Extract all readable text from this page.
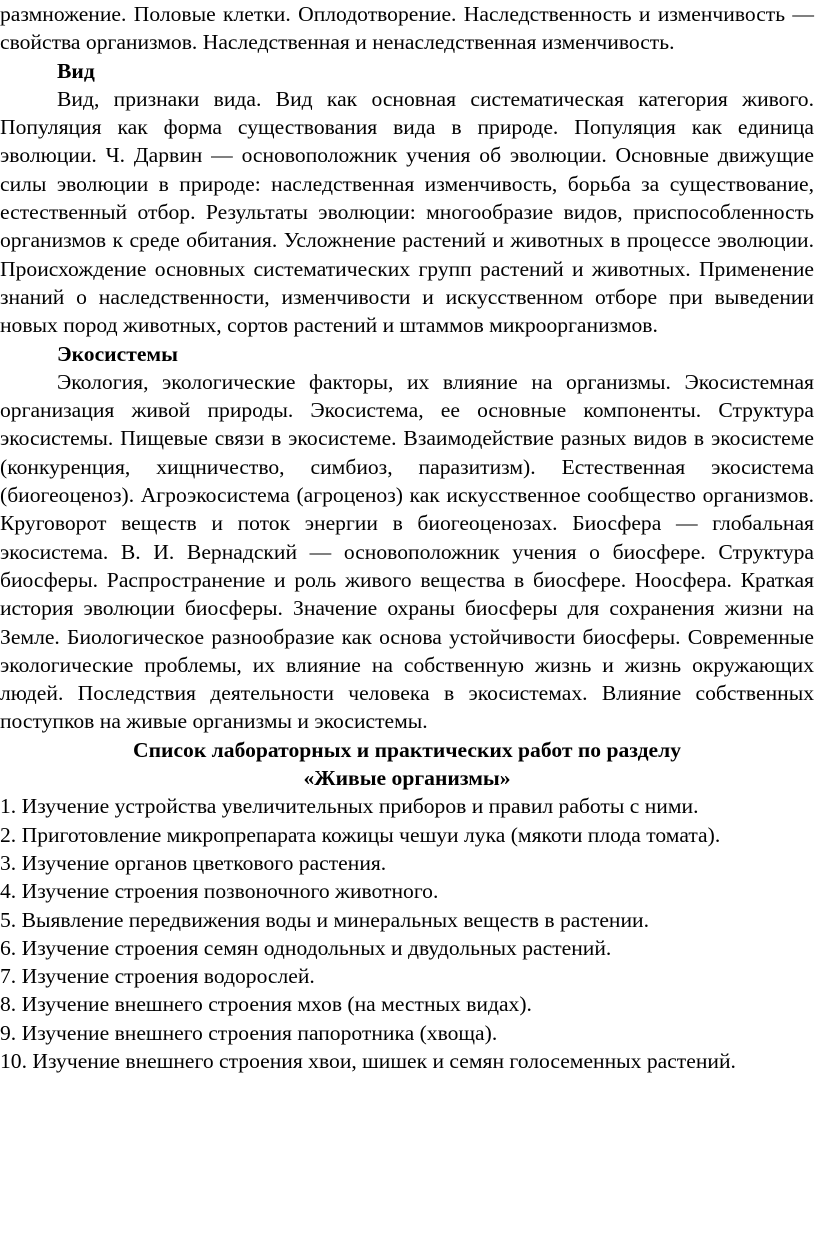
размножение. Половые клетки. Оплодотворение. Наследственность и изменчивость — свойства организмов. Наследственная и ненаследственная изменчивость.

Вид

Вид, признаки вида. Вид как основная систематическая категория живого. Популяция как форма существования вида в природе. Популяция как единица эволюции. Ч. Дарвин — основоположник учения об эволюции. Основные движущие силы эволюции в природе: наследственная изменчивость, борьба за существование, естественный отбор. Результаты эволюции: многообразие видов, приспособленность организмов к среде обитания. Усложнение растений и животных в процессе эволюции. Происхождение основных систематических групп растений и животных. Применение знаний о наследственности, изменчивости и искусственном отборе при выведении новых пород животных, сортов растений и штаммов микроорганизмов.

Экосистемы

Экология, экологические факторы, их влияние на организмы. Экосистемная организация живой природы. Экосистема, ее основные компоненты. Структура экосистемы. Пищевые связи в экосистеме. Взаимодействие разных видов в экосистеме (конкуренция, хищничество, симбиоз, паразитизм). Естественная экосистема (биогеоценоз). Агроэкосистема (агроценоз) как искусственное сообщество организмов. Круговорот веществ и поток энергии в биогеоценозах. Биосфера — глобальная экосистема. В. И. Вернадский — основоположник учения о биосфере. Структура биосферы. Распространение и роль живого вещества в биосфере. Ноосфера. Краткая история эволюции биосферы. Значение охраны биосферы для сохранения жизни на Земле. Биологическое разнообразие как основа устойчивости биосферы. Современные экологические проблемы, их влияние на собственную жизнь и жизнь окружающих людей. Последствия деятельности человека в экосистемах. Влияние собственных поступков на живые организмы и экосистемы.

Список лабораторных и практических работ по разделу

«Живые организмы»

1. Изучение устройства увеличительных приборов и правил работы с ними.

2. Приготовление микропрепарата кожицы чешуи лука (мякоти плода томата).

3. Изучение органов цветкового растения.

4. Изучение строения позвоночного животного.

5. Выявление передвижения воды и минеральных веществ в растении.

6. Изучение строения семян однодольных и двудольных растений.

7. Изучение строения водорослей.

8. Изучение внешнего строения мхов (на местных видах).

9. Изучение внешнего строения папоротника (хвоща).

10. Изучение внешнего строения хвои, шишек и семян голосеменных растений.
